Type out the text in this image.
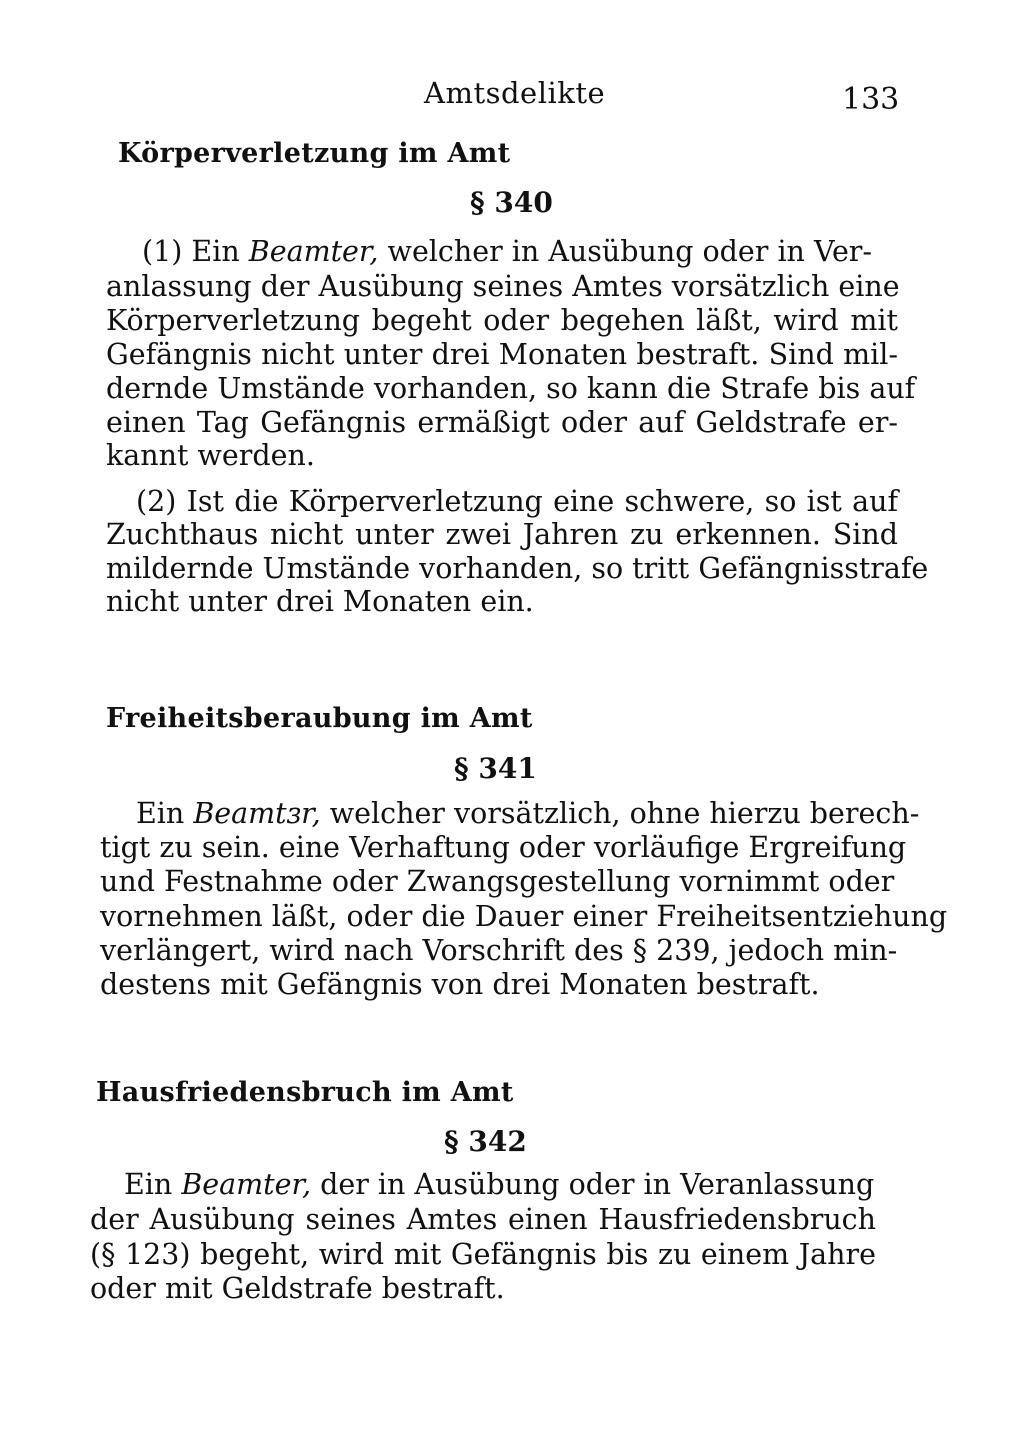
Amtsdelikte	133
Körperverletzung im Amt
§ 340
(1) Ein Beamter, welcher in Ausübung oder in Ver-
anlassung der Ausübung seines Amtes vorsätzlich eine
Körperverletzung begeht oder begehen läßt, wird mit
Gefängnis nicht unter drei Monaten bestraft. Sind mil-
dernde Umstände vorhanden, so kann die Strafe bis auf
einen Tag Gefängnis ermäßigt oder auf Geldstrafe er-
kannt werden.
(2) Ist die Körperverletzung eine schwere, so ist auf
Zuchthaus nicht unter zwei Jahren zu erkennen. Sind
mildernde Umstände vorhanden, so tritt Gefängnisstrafe
nicht unter drei Monaten ein.
Freiheitsberaubung im Amt
§ 341
Ein Beamtɜr, welcher vorsätzlich, ohne hierzu berech-
tigt zu sein. eine Verhaftung oder vorläufige Ergreifung
und Festnahme oder Zwangsgestellung vornimmt oder
vornehmen läßt, oder die Dauer einer Freiheitsentziehung
verlängert, wird nach Vorschrift des § 239, jedoch min-
destens mit Gefängnis von drei Monaten bestraft.
Hausfriedensbruch im Amt
§ 342
Ein Beamter, der in Ausübung oder in Veranlassung
der Ausübung seines Amtes einen Hausfriedensbruch
(§ 123) begeht, wird mit Gefängnis bis zu einem Jahre
oder mit Geldstrafe bestraft.
